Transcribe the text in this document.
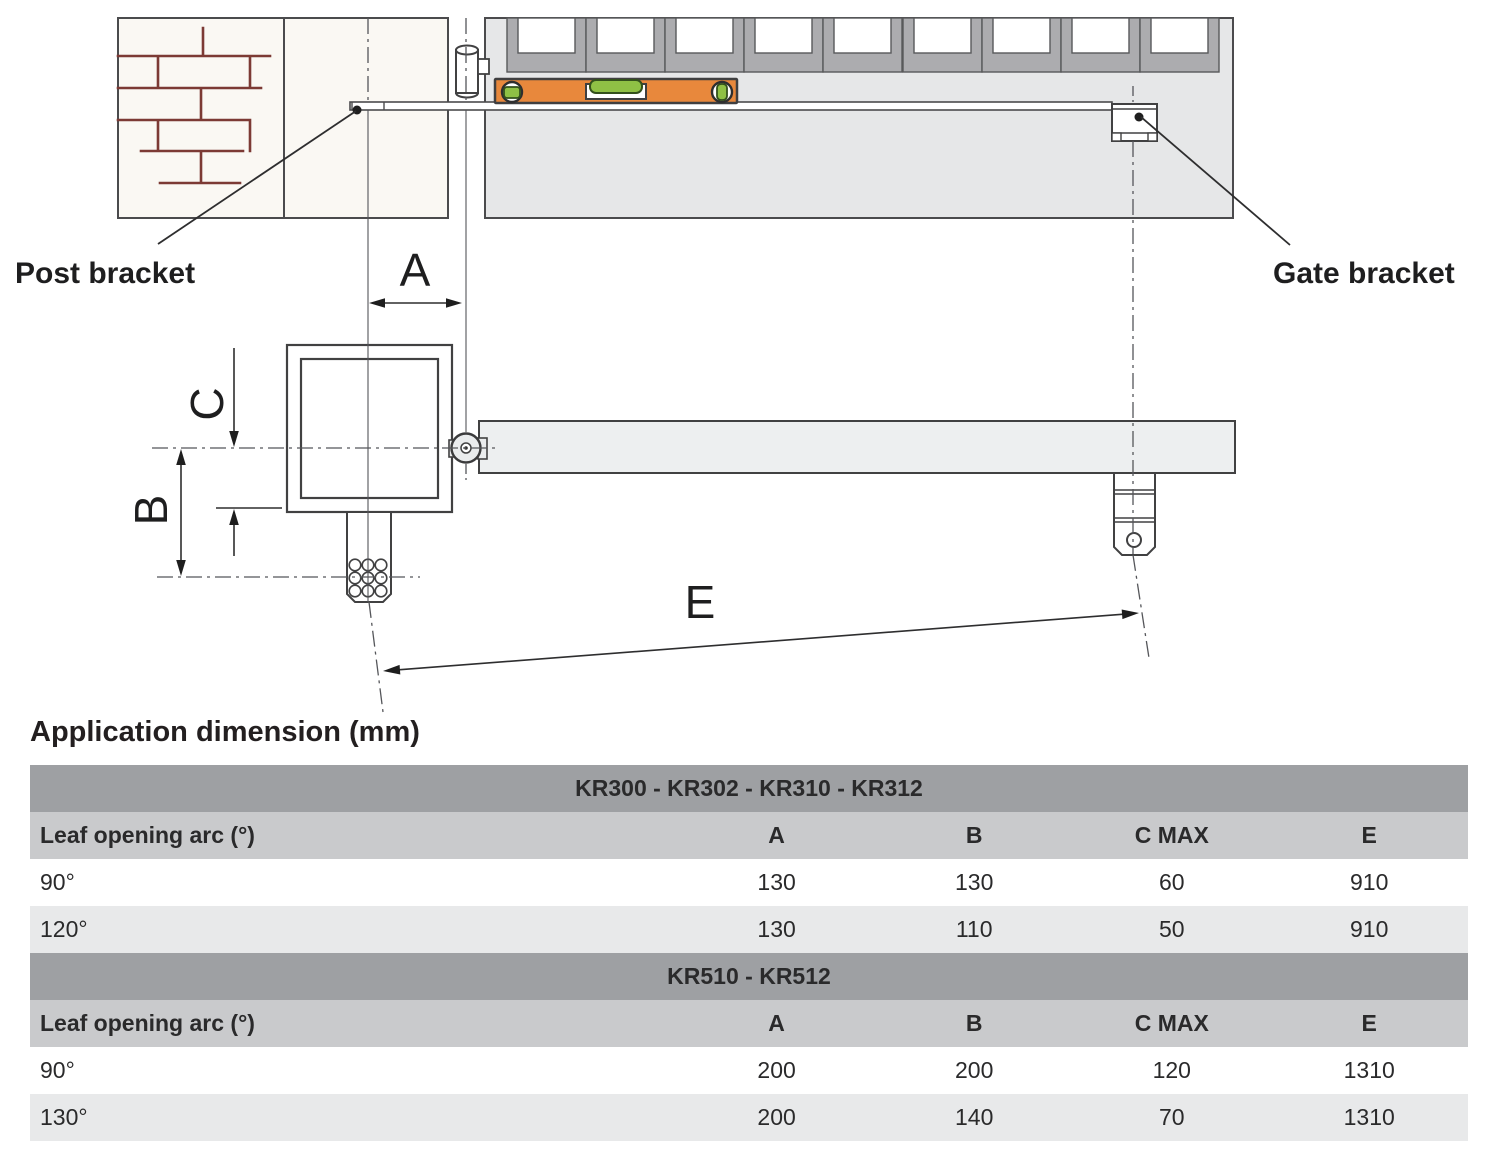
A
C
B
E
Post bracket	Gate bracket
Application dimension (mm)
KR300 - KR302 - KR310 - KR312				
Leaf opening arc (°)	A	B	C MAX	E
90°	130	130	60	910
120°	130	110	50	910
KR510 - KR512				
Leaf opening arc (°)	A	B	C MAX	E
90°	200	200	120	1310
130°	200	140	70	1310
